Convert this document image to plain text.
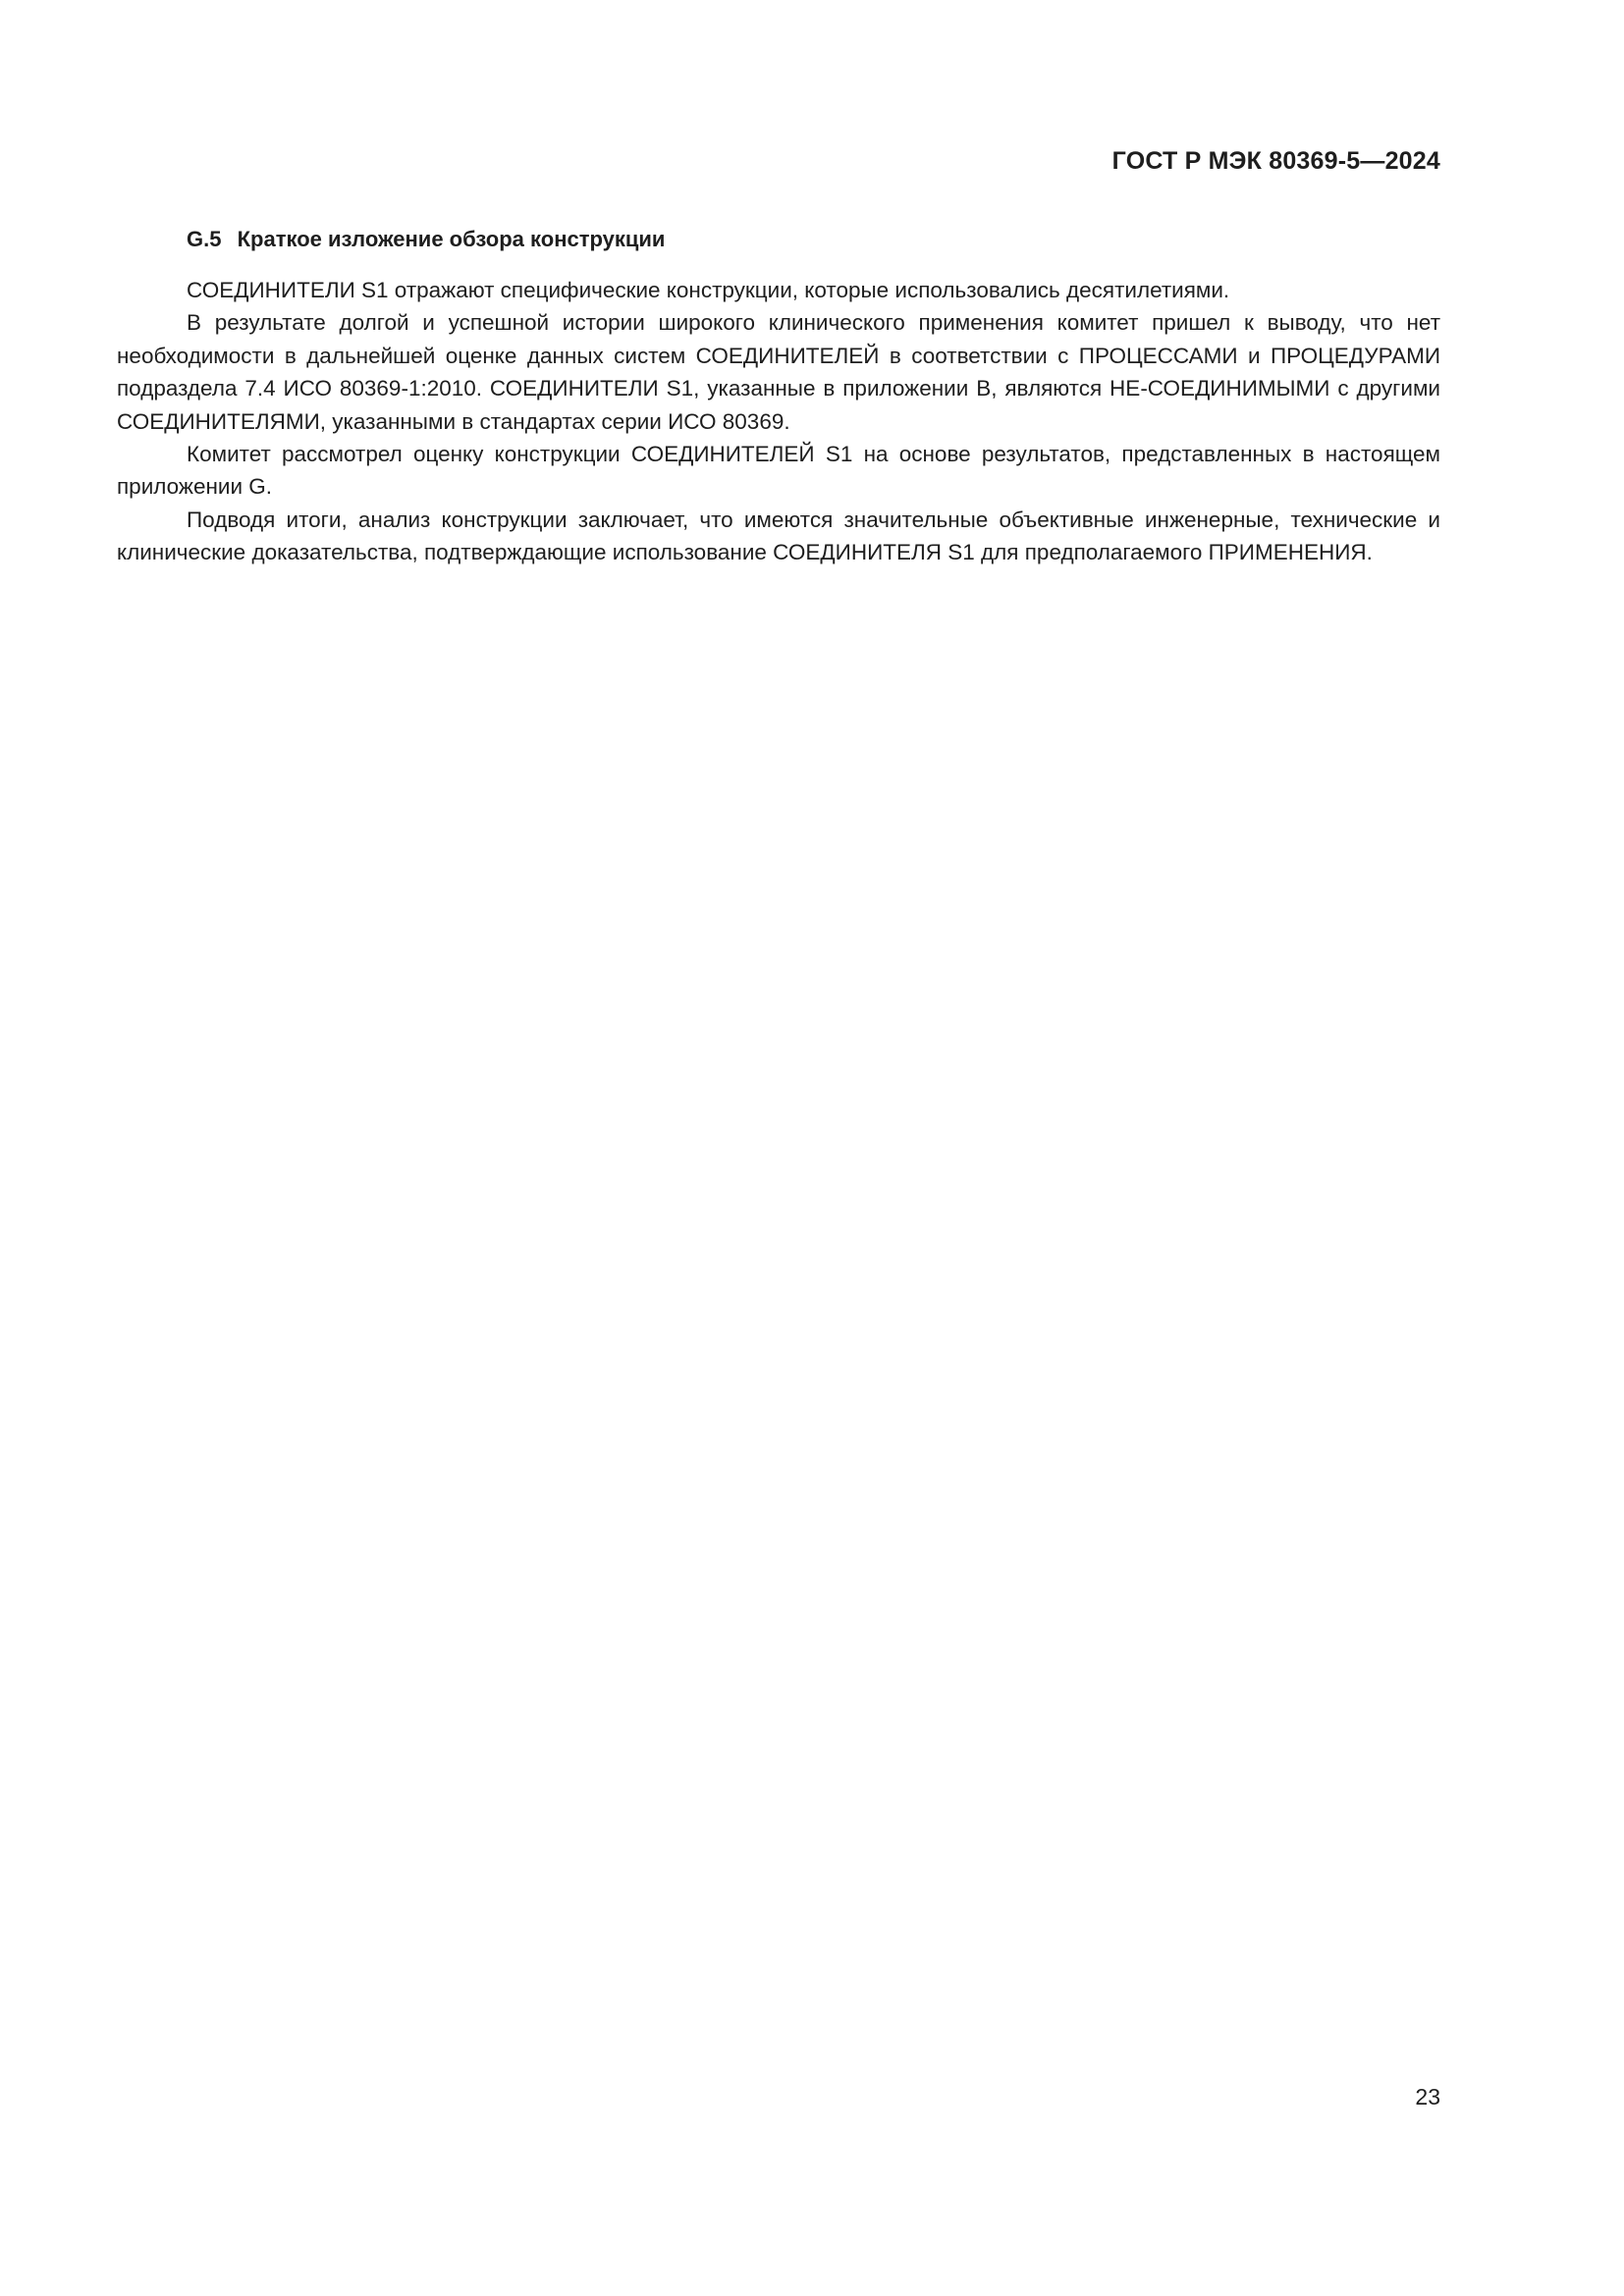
ГОСТ Р МЭК 80369-5—2024
G.5 Краткое изложение обзора конструкции

СОЕДИНИТЕЛИ S1 отражают специфические конструкции, которые использовались десятилетиями.

В результате долгой и успешной истории широкого клинического применения комитет пришел к выводу, что нет необходимости в дальнейшей оценке данных систем СОЕДИНИТЕЛЕЙ в соответствии с ПРОЦЕССАМИ и ПРОЦЕДУРАМИ подраздела 7.4 ИСО 80369-1:2010. СОЕДИНИТЕЛИ S1, указанные в приложении B, являются НЕ-СОЕДИНИМЫМИ с другими СОЕДИНИТЕЛЯМИ, указанными в стандартах серии ИСО 80369.

Комитет рассмотрел оценку конструкции СОЕДИНИТЕЛЕЙ S1 на основе результатов, представленных в настоящем приложении G.

Подводя итоги, анализ конструкции заключает, что имеются значительные объективные инженерные, технические и клинические доказательства, подтверждающие использование СОЕДИНИТЕЛЯ S1 для предполагаемого ПРИМЕНЕНИЯ.

23
